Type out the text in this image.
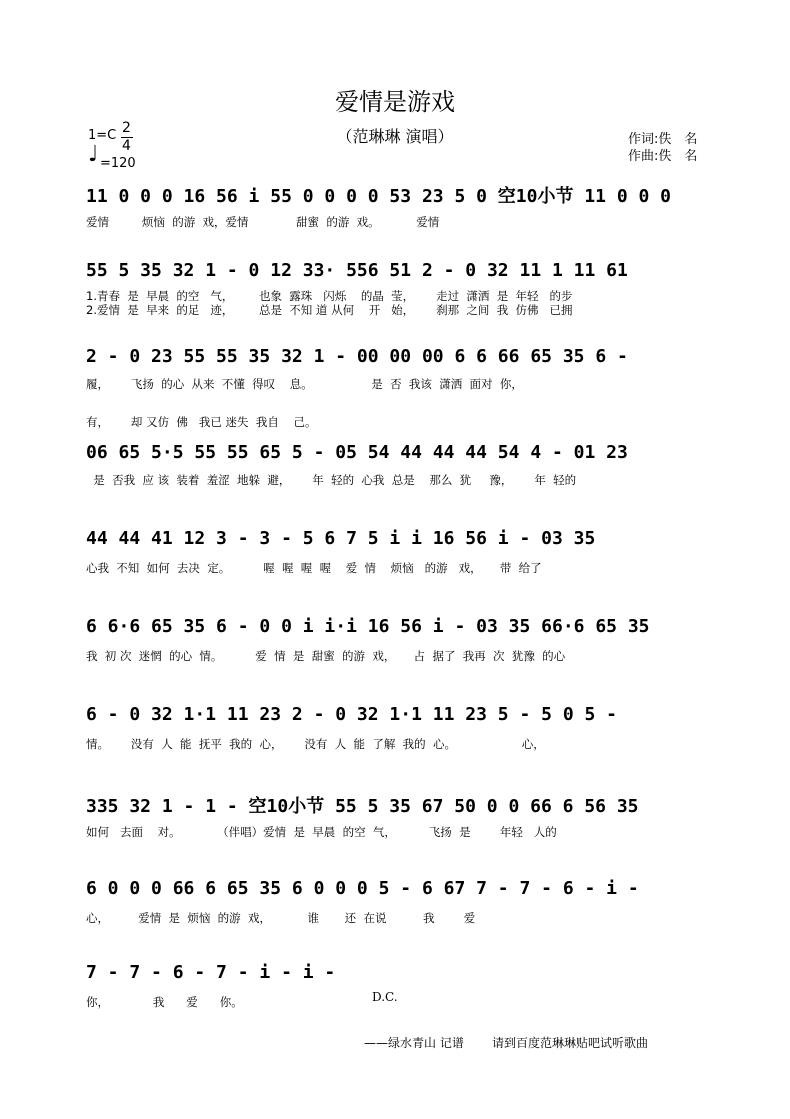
爱情是游戏
（范琳琳 演唱）	作词:佚　名
作曲:佚　名
1=C 2
4
♩ =120
11 0 0 0 16 56 i 55 0 0 0 0 53 23 5 0 空10小节 11 0 0 0
爱情         烦恼  的游  戏，爱情             甜蜜  的游  戏。          爱情
55 5 35 32 1 - 0 12 33· 556 51 2 - 0 32 11 1 11 61
1.青春  是  早晨  的空   气，       也象  露珠   闪烁    的晶  莹，      走过  潇洒  是  年轻   的步
2.爱情  是  早来  的足   迹，       总是  不知 道 从何    开   始，      刹那  之间  我  仿佛   已拥
2 - 0 23 55 55 35 32 1 - 00 00 00 6 6 66 65 35 6 -
履，      飞扬  的心  从来  不懂  得叹    息。                是  否  我该  潇洒  面对  你，
有，      却 又仿  佛   我已 迷失  我自    己。
06 65 5·5 55 55 65 5 - 05 54 44 44 44 54 4 - 01 23
是  否我  应 该  装着  羞涩  地躲  避，      年  轻的  心我  总是    那么  犹     豫，      年  轻的
44 44 41 12 3 - 3 - 5 6 7 5 i i 16 56 i - 03 35
心我  不知  如何  去决  定。         喔  喔  喔  喔    爱  情    烦恼   的游   戏，     带  给了
6 6·6 65 35 6 - 0 0 i i·i 16 56 i - 03 35 66·6 65 35
我  初 次  迷惘  的心  情。         爱  情  是  甜蜜  的游  戏，     占  据了  我再  次  犹豫  的心
6 - 0 32 1·1 11 23 2 - 0 32 1·1 11 23 5 - 5 0 5 -
情。      没有  人  能  抚平  我的  心，      没有  人  能  了解  我的  心。                  心，
335 32 1 - 1 - 空10小节 55 5 35 67 50 0 0 66 6 56 35
如何   去面    对。          （伴唱）爱情  是  早晨  的空  气，         飞扬  是        年轻   人的
6 0 0 0 66 6 65 35 6 0 0 0 5 - 6 67 7 - 7 - 6 - i -
心，        爱情  是  烦恼  的游  戏，          谁       还  在说          我        爱
7 - 7 - 6 - 7 - i - i -
你，            我      爱      你。	D.C.
——绿水青山 记谱 请到百度范琳琳贴吧试听歌曲
